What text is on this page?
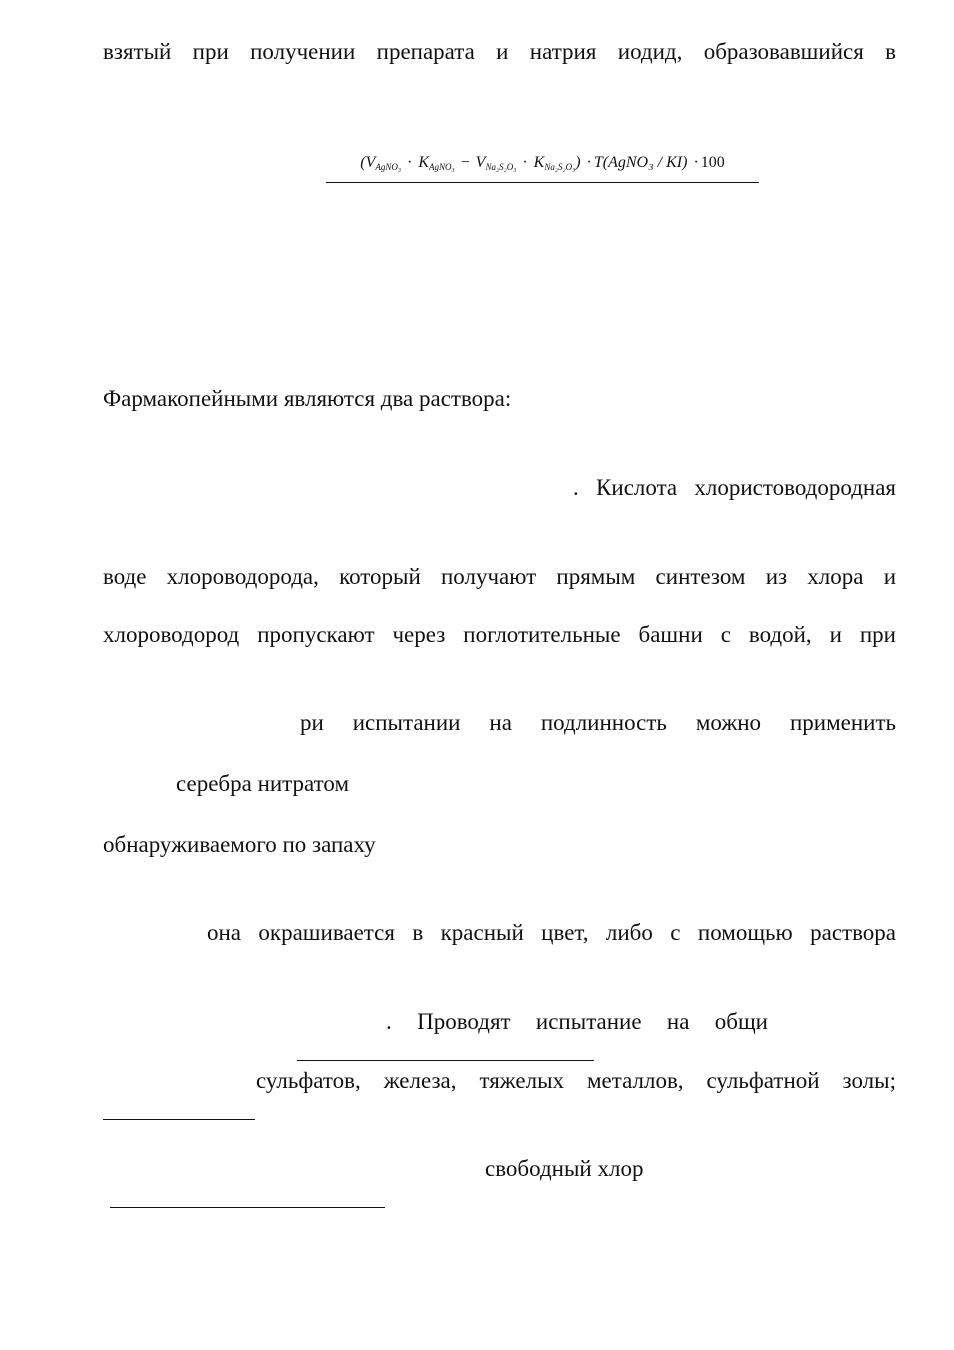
взятый при получении препарата и натрия иодид, образовавшийся в
$(V_{AgNO_3} \cdot K_{AgNO_3} - V_{Na_2S_2O_3} \cdot K_{Na_2S_2O_3})$ · T(AgNO₃ / KI) · 100
Фармакопейными являются два раствора:
.   Кислота   хлористоводородная
воде хлороводорода, который получают прямым синтезом из хлора и
хлороводород пропускают через поглотительные башни с водой, и при
ри испытании на подлинность можно применить
серебра нитратом
обнаруживаемого по запаху
она окрашивается в красный цвет, либо с помощью раствора
. Проводят испытание на общи
сульфатов, железа, тяжелых металлов, сульфатной золы;
свободный хлор
